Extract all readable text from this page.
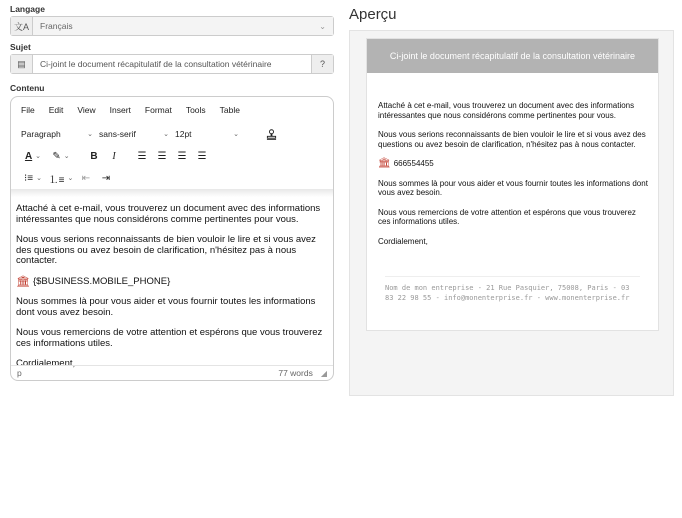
Langage
文A	Français	⌄
Sujet
▤	Ci-joint le document récapitulatif de la consultation vétérinaire	?
Contenu
File Edit View Insert Format Tools Table
Paragraph	⌄ sans-serif	⌄ 12pt	⌄
A ⌄ ✎ ⌄	B	I	☰ ☰ ☰ ☰
⁝≡ ⌄ ⒈≡ ⌄ ⇤ ⇥

Attaché à cet e-mail, vous trouverez un document avec des informations intéressantes que nous considérons comme pertinentes pour vous.

Nous vous serions reconnaissants de bien vouloir le lire et si vous avez des questions ou avez besoin de clarification, n'hésitez pas à nous contacter.

🏛 {$BUSINESS.MOBILE_PHONE}

Nous sommes là pour vous aider et vous fournir toutes les informations dont vous avez besoin.

Nous vous remercions de votre attention et espérons que vous trouverez ces informations utiles.

Cordialement,

p	77 words ◢
Aperçu
Ci-joint le document récapitulatif de la consultation vétérinaire

Attaché à cet e-mail, vous trouverez un document avec des informations intéressantes que nous considérons comme pertinentes pour vous.

Nous vous serions reconnaissants de bien vouloir le lire et si vous avez des questions ou avez besoin de clarification, n'hésitez pas à nous contacter.

🏛 666554455

Nous sommes là pour vous aider et vous fournir toutes les informations dont vous avez besoin.

Nous vous remercions de votre attention et espérons que vous trouverez ces informations utiles.

Cordialement,

Nom de mon entreprise - 21 Rue Pasquier, 75008, Paris - 03 83 22 98 55 - info@monenterprise.fr - www.monenterprise.fr
